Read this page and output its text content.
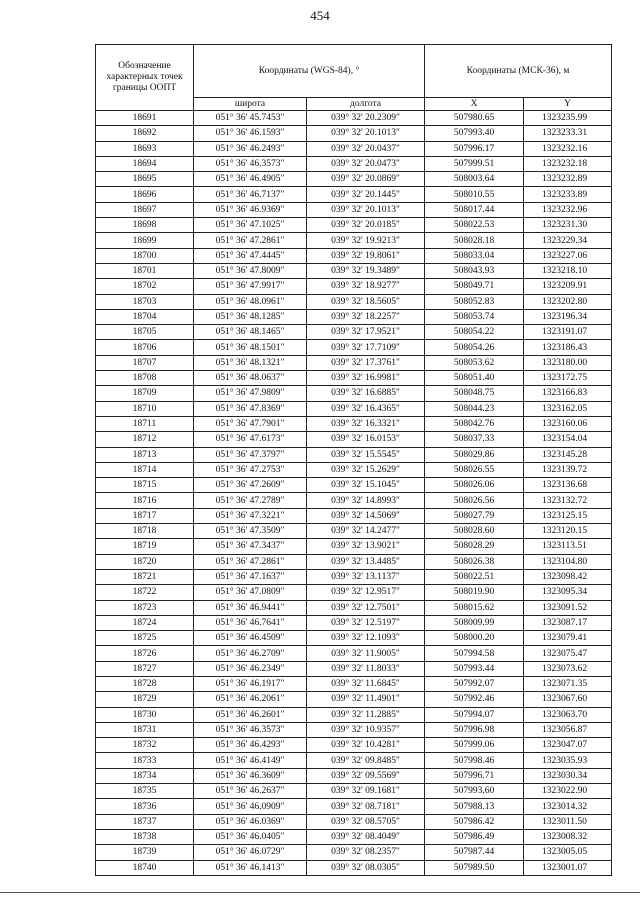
454
Обозначение характерных точек границы ООПТ	Координаты (WGS-84), °		Координаты (МСК-36), м	
	широта	долгота	X	Y
18691	051° 36' 45.7453"	039° 32' 20.2309"	507980.65	1323235.99
18692	051° 36' 46.1593"	039° 32' 20.1013"	507993.40	1323233.31
18693	051° 36' 46.2493"	039° 32' 20.0437"	507996.17	1323232.16
18694	051° 36' 46.3573"	039° 32' 20.0473"	507999.51	1323232.18
18695	051° 36' 46.4905"	039° 32' 20.0869"	508003.64	1323232.89
18696	051° 36' 46.7137"	039° 32' 20.1445"	508010.55	1323233.89
18697	051° 36' 46.9369"	039° 32' 20.1013"	508017.44	1323232.96
18698	051° 36' 47.1025"	039° 32' 20.0185"	508022.53	1323231.30
18699	051° 36' 47.2861"	039° 32' 19.9213"	508028.18	1323229.34
18700	051° 36' 47.4445"	039° 32' 19.8061"	508033.04	1323227.06
18701	051° 36' 47.8009"	039° 32' 19.3489"	508043.93	1323218.10
18702	051° 36' 47.9917"	039° 32' 18.9277"	508049.71	1323209.91
18703	051° 36' 48.0961"	039° 32' 18.5605"	508052.83	1323202.80
18704	051° 36' 48.1285"	039° 32' 18.2257"	508053.74	1323196.34
18705	051° 36' 48.1465"	039° 32' 17.9521"	508054.22	1323191.07
18706	051° 36' 48.1501"	039° 32' 17.7109"	508054.26	1323186.43
18707	051° 36' 48.1321"	039° 32' 17.3761"	508053.62	1323180.00
18708	051° 36' 48.0637"	039° 32' 16.9981"	508051.40	1323172.75
18709	051° 36' 47.9809"	039° 32' 16.6885"	508048.75	1323166.83
18710	051° 36' 47.8369"	039° 32' 16.4365"	508044.23	1323162.05
18711	051° 36' 47.7901"	039° 32' 16.3321"	508042.76	1323160.06
18712	051° 36' 47.6173"	039° 32' 16.0153"	508037.33	1323154.04
18713	051° 36' 47.3797"	039° 32' 15.5545"	508029.86	1323145.28
18714	051° 36' 47.2753"	039° 32' 15.2629"	508026.55	1323139.72
18715	051° 36' 47.2609"	039° 32' 15.1045"	508026.06	1323136.68
18716	051° 36' 47.2789"	039° 32' 14.8993"	508026.56	1323132.72
18717	051° 36' 47.3221"	039° 32' 14.5069"	508027.79	1323125.15
18718	051° 36' 47.3509"	039° 32' 14.2477"	508028.60	1323120.15
18719	051° 36' 47.3437"	039° 32' 13.9021"	508028.29	1323113.51
18720	051° 36' 47.2861"	039° 32' 13.4485"	508026.38	1323104.80
18721	051° 36' 47.1637"	039° 32' 13.1137"	508022.51	1323098.42
18722	051° 36' 47.0809"	039° 32' 12.9517"	508019.90	1323095.34
18723	051° 36' 46.9441"	039° 32' 12.7501"	508015.62	1323091.52
18724	051° 36' 46.7641"	039° 32' 12.5197"	508009.99	1323087.17
18725	051° 36' 46.4509"	039° 32' 12.1093"	508000.20	1323079.41
18726	051° 36' 46.2709"	039° 32' 11.9005"	507994.58	1323075.47
18727	051° 36' 46.2349"	039° 32' 11.8033"	507993.44	1323073.62
18728	051° 36' 46.1917"	039° 32' 11.6845"	507992.07	1323071.35
18729	051° 36' 46.2061"	039° 32' 11.4901"	507992.46	1323067.60
18730	051° 36' 46.2601"	039° 32' 11.2885"	507994.07	1323063.70
18731	051° 36' 46.3573"	039° 32' 10.9357"	507996.98	1323056.87
18732	051° 36' 46.4293"	039° 32' 10.4281"	507999.06	1323047.07
18733	051° 36' 46.4149"	039° 32' 09.8485"	507998.46	1323035.93
18734	051° 36' 46.3609"	039° 32' 09.5569"	507996.71	1323030.34
18735	051° 36' 46.2637"	039° 32' 09.1681"	507993.60	1323022.90
18736	051° 36' 46.0909"	039° 32' 08.7181"	507988.13	1323014.32
18737	051° 36' 46.0369"	039° 32' 08.5705"	507986.42	1323011.50
18738	051° 36' 46.0405"	039° 32' 08.4049"	507986.49	1323008.32
18739	051° 36' 46.0729"	039° 32' 08.2357"	507987.44	1323005.05
18740	051° 36' 46.1413"	039° 32' 08.0305"	507989.50	1323001.07
